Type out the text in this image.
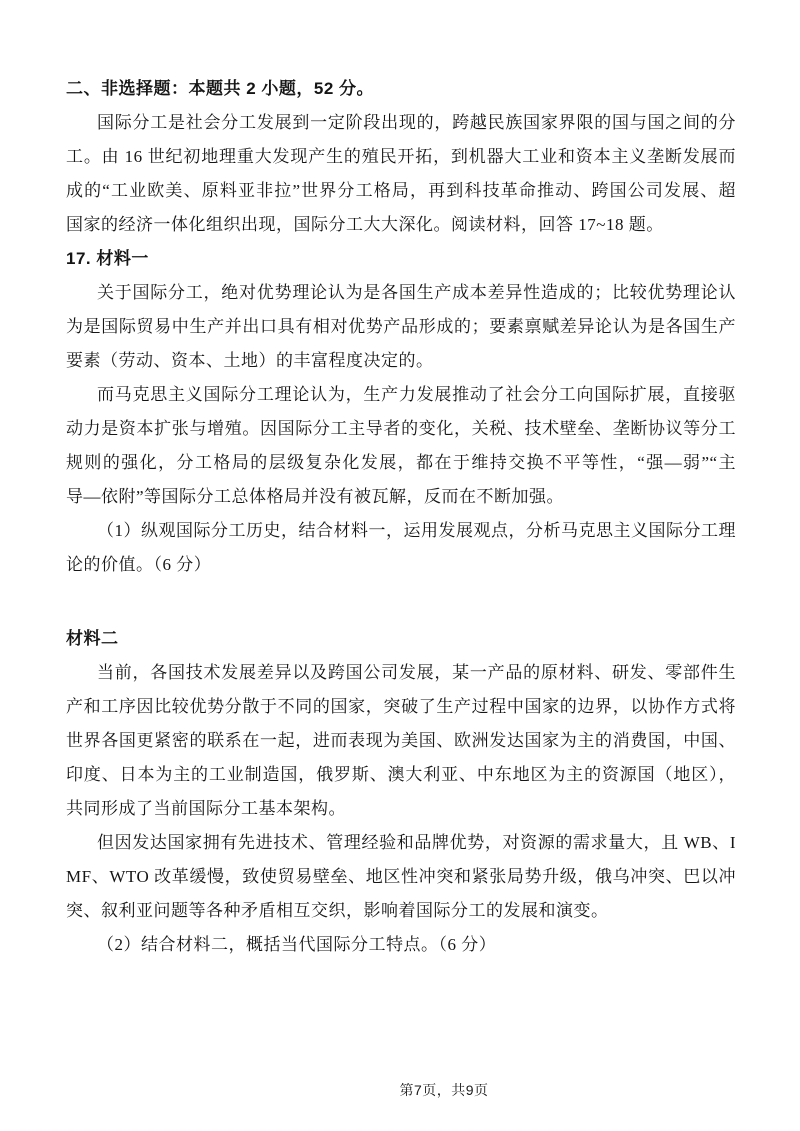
二、非选择题：本题共 2 小题，52 分。
国际分工是社会分工发展到一定阶段出现的，跨越民族国家界限的国与国之间的分
工。由 16 世纪初地理重大发现产生的殖民开拓，到机器大工业和资本主义垄断发展而
成的“工业欧美、原料亚非拉”世界分工格局，再到科技革命推动、跨国公司发展、超
国家的经济一体化组织出现，国际分工大大深化。阅读材料，回答 17~18 题。
17. 材料一
关于国际分工，绝对优势理论认为是各国生产成本差异性造成的；比较优势理论认
为是国际贸易中生产并出口具有相对优势产品形成的；要素禀赋差异论认为是各国生产
要素（劳动、资本、土地）的丰富程度决定的。
而马克思主义国际分工理论认为，生产力发展推动了社会分工向国际扩展，直接驱
动力是资本扩张与增殖。因国际分工主导者的变化，关税、技术壁垒、垄断协议等分工
规则的强化，分工格局的层级复杂化发展，都在于维持交换不平等性，“强—弱”“主
导—依附”等国际分工总体格局并没有被瓦解，反而在不断加强。
（1）纵观国际分工历史，结合材料一，运用发展观点，分析马克思主义国际分工理
论的价值。（6 分）
材料二
当前，各国技术发展差异以及跨国公司发展，某一产品的原材料、研发、零部件生
产和工序因比较优势分散于不同的国家，突破了生产过程中国家的边界，以协作方式将
世界各国更紧密的联系在一起，进而表现为美国、欧洲发达国家为主的消费国，中国、
印度、日本为主的工业制造国，俄罗斯、澳大利亚、中东地区为主的资源国（地区），
共同形成了当前国际分工基本架构。
但因发达国家拥有先进技术、管理经验和品牌优势，对资源的需求量大，且 WB、I
MF、WTO 改革缓慢，致使贸易壁垒、地区性冲突和紧张局势升级，俄乌冲突、巴以冲
突、叙利亚问题等各种矛盾相互交织，影响着国际分工的发展和演变。
（2）结合材料二，概括当代国际分工特点。（6 分）
第7页，共9页
